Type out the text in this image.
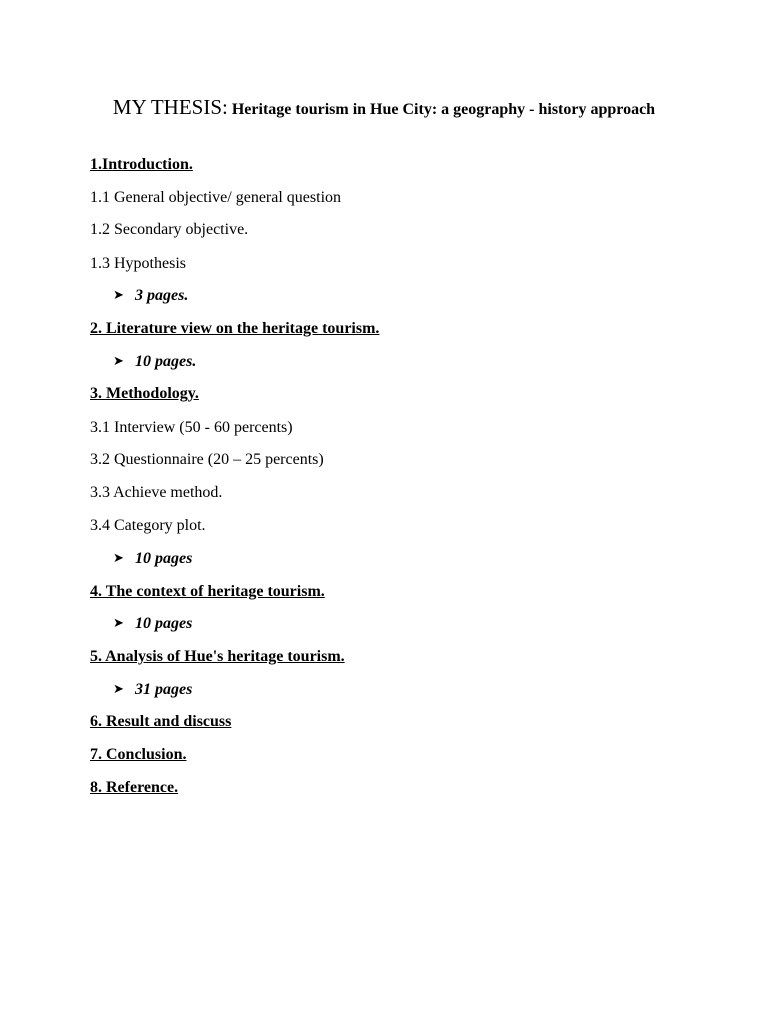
MY THESIS: Heritage tourism in Hue City: a geography - history approach
1.Introduction.
1.1 General objective/ general question
1.2 Secondary objective.
1.3 Hypothesis
➤ 3 pages.
2. Literature view on the heritage tourism.
➤ 10 pages.
3. Methodology.
3.1 Interview (50 - 60 percents)
3.2 Questionnaire (20 – 25 percents)
3.3 Achieve method.
3.4 Category plot.
➤ 10 pages
4. The context of heritage tourism.
➤ 10 pages
5. Analysis of Hue's heritage tourism.
➤ 31 pages
6. Result and discuss
7. Conclusion.
8. Reference.
